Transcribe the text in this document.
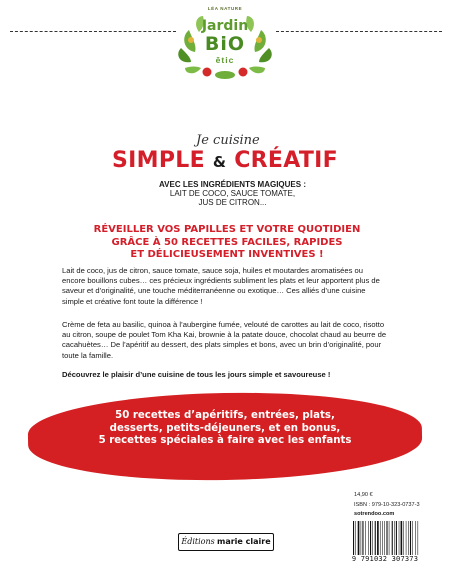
LÉA NATURE
Jardin
BiO
ētic
Je cuisine
SIMPLE & CRÉATIF
AVEC LES INGRÉDIENTS MAGIQUES :
LAIT DE COCO, SAUCE TOMATE,
JUS DE CITRON...
RÉVEILLER VOS PAPILLES ET VOTRE QUOTIDIEN
GRÂCE À 50 RECETTES FACILES, RAPIDES
ET DÉLICIEUSEMENT INVENTIVES !
Lait de coco, jus de citron, sauce tomate, sauce soja, huiles et moutardes aromatisées ou encore bouillons cubes… ces précieux ingrédients subliment les plats et leur apportent plus de saveur et d’originalité, une touche méditerranéenne ou exotique… Ces alliés d’une cuisine simple et créative font toute la différence !
Crème de feta au basilic, quinoa à l’aubergine fumée, velouté de carottes au lait de coco, risotto au citron, soupe de poulet Tom Kha Kai, brownie à la patate douce, chocolat chaud au beurre de cacahuètes… De l’apéritif au dessert, des plats simples et bons, avec un brin d’originalité, pour toute la famille.
Découvrez le plaisir d’une cuisine de tous les jours simple et savoureuse !
50 recettes d’apéritifs, entrées, plats,
desserts, petits-déjeuners, et en bonus,
5 recettes spéciales à faire avec les enfants
14,90 €
ISBN : 979-10-323-0737-3
sotrendoo.com
9 791032 307373
Éditions marie claire
